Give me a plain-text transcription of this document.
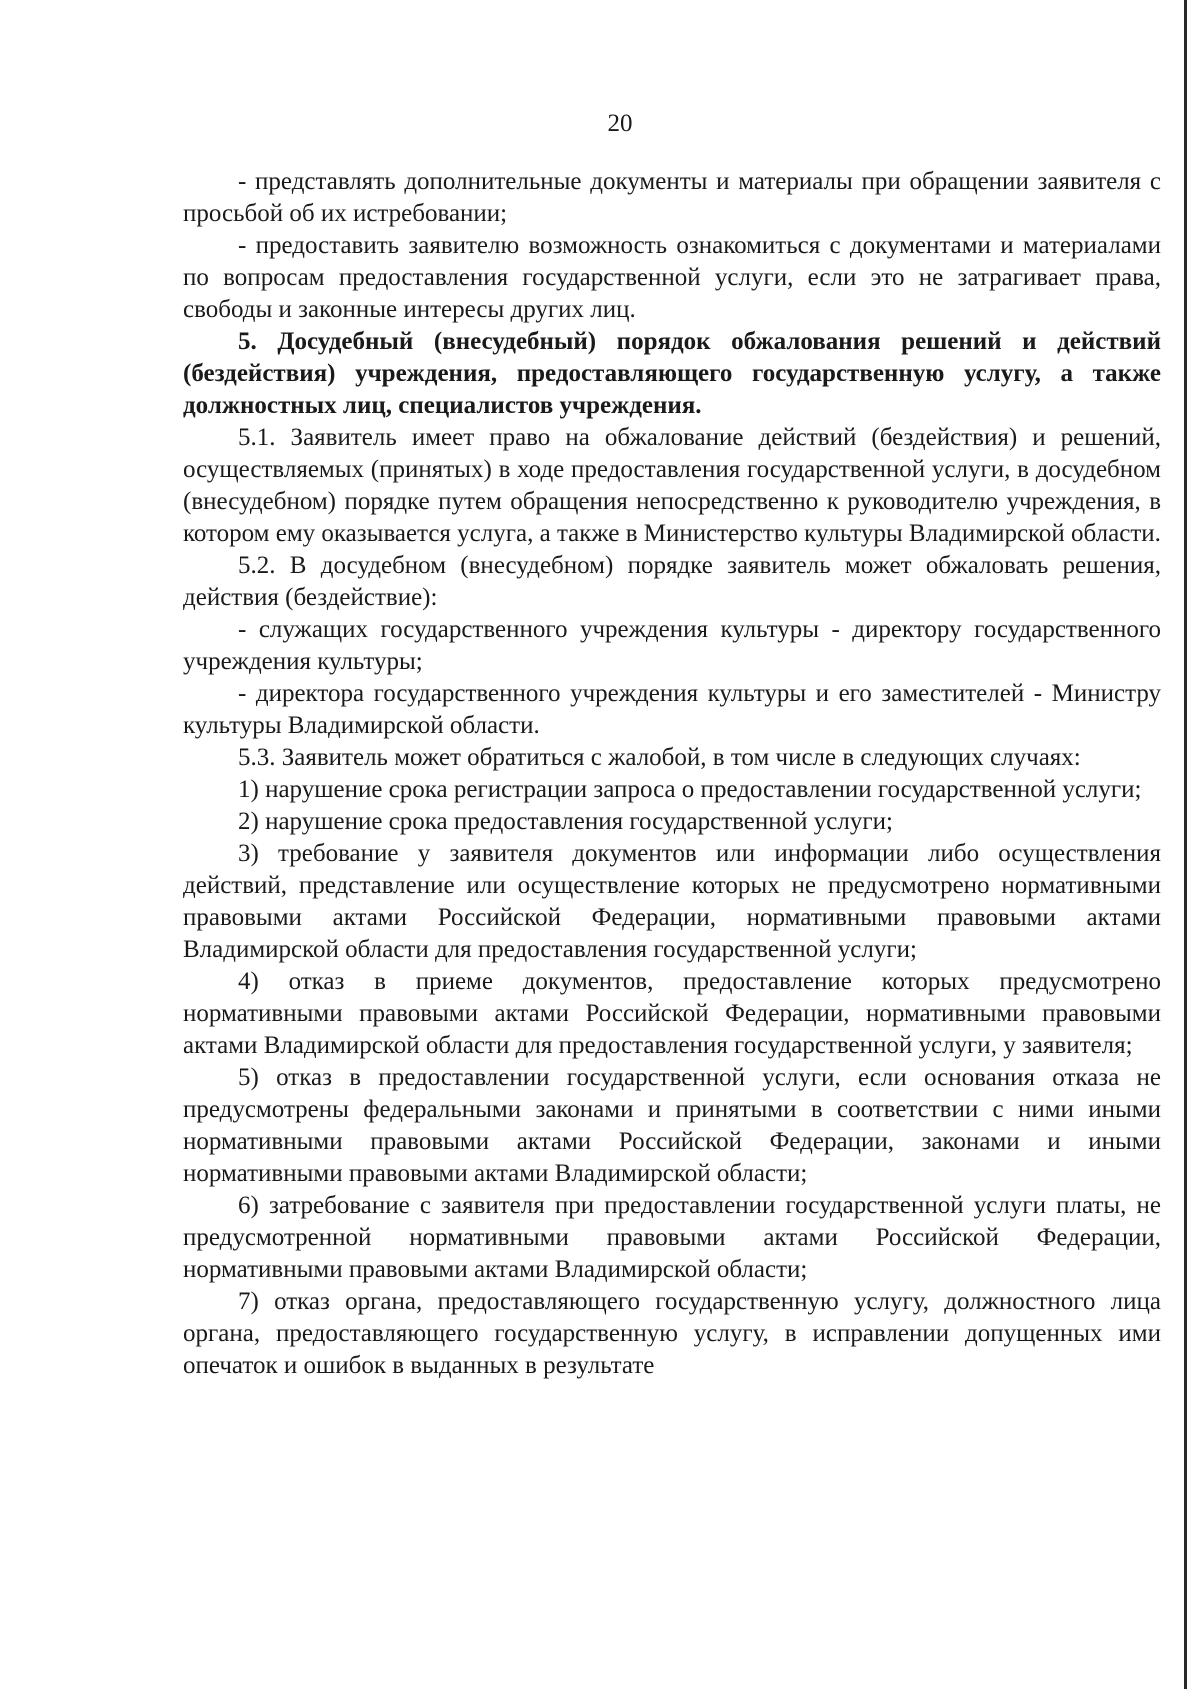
20

- представлять дополнительные документы и материалы при обращении заявителя с просьбой об их истребовании;

- предоставить заявителю возможность ознакомиться с документами и материалами по вопросам предоставления государственной услуги, если это не затрагивает права, свободы и законные интересы других лиц.

5. Досудебный (внесудебный) порядок обжалования решений и действий (бездействия) учреждения, предоставляющего государственную услугу, а также должностных лиц, специалистов учреждения.

5.1. Заявитель имеет право на обжалование действий (бездействия) и решений, осуществляемых (принятых) в ходе предоставления государственной услуги, в досудебном (внесудебном) порядке путем обращения непосредственно к руководителю учреждения, в котором ему оказывается услуга, а также в Министерство культуры Владимирской области.

5.2. В досудебном (внесудебном) порядке заявитель может обжаловать решения, действия (бездействие):

- служащих государственного учреждения культуры - директору государственного учреждения культуры;

- директора государственного учреждения культуры и его заместителей - Министру культуры Владимирской области.

5.3. Заявитель может обратиться с жалобой, в том числе в следующих случаях:

1) нарушение срока регистрации запроса о предоставлении государственной услуги;

2) нарушение срока предоставления государственной услуги;

3) требование у заявителя документов или информации либо осуществления действий, представление или осуществление которых не предусмотрено нормативными правовыми актами Российской Федерации, нормативными правовыми актами Владимирской области для предоставления государственной услуги;

4) отказ в приеме документов, предоставление которых предусмотрено нормативными правовыми актами Российской Федерации, нормативными правовыми актами Владимирской области для предоставления государственной услуги, у заявителя;

5) отказ в предоставлении государственной услуги, если основания отказа не предусмотрены федеральными законами и принятыми в соответствии с ними иными нормативными правовыми актами Российской Федерации, законами и иными нормативными правовыми актами Владимирской области;

6) затребование с заявителя при предоставлении государственной услуги платы, не предусмотренной нормативными правовыми актами Российской Федерации, нормативными правовыми актами Владимирской области;

7) отказ органа, предоставляющего государственную услугу, должностного лица органа, предоставляющего государственную услугу, в исправлении допущенных ими опечаток и ошибок в выданных в результате
